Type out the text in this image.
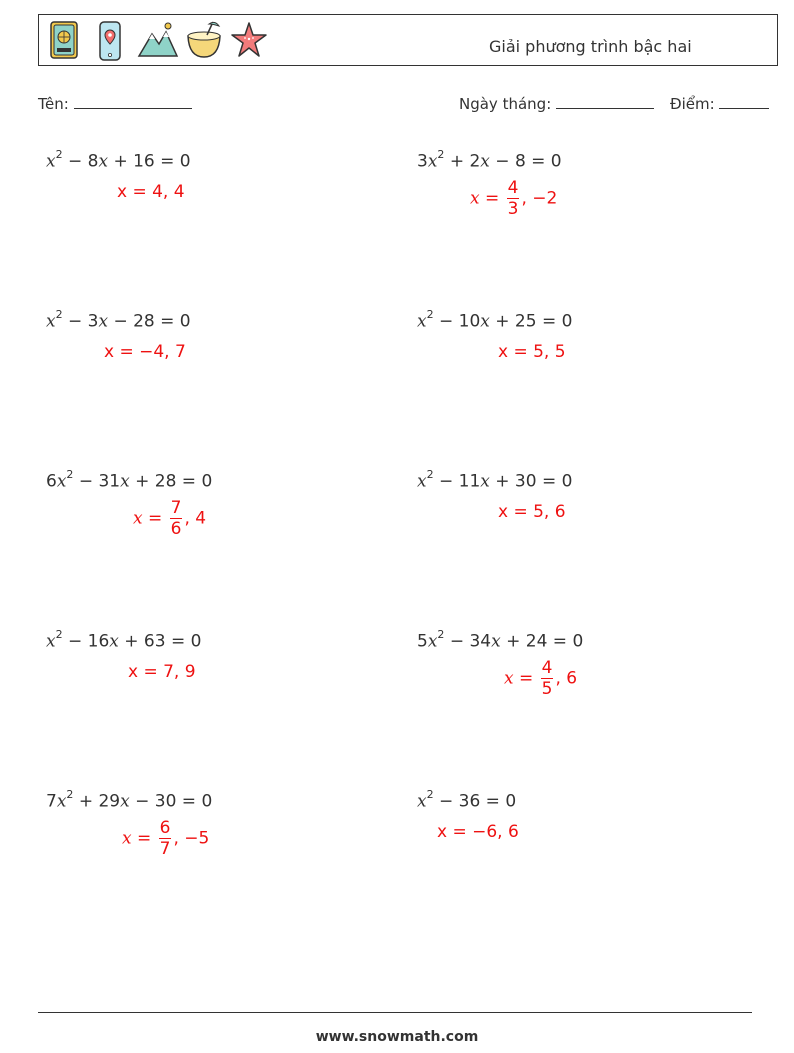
Giải phương trình bậc hai
Tên:	Ngày tháng:	Điểm:
$x^2 - 8x + 16 = 0$
x = 4, 4
$3x^2 + 2x - 8 = 0$
$x = \frac{4}{3}$ , −2
$x^2 - 3x - 28 = 0$
x = −4, 7
$x^2 - 10x + 25 = 0$
x = 5, 5
$6x^2 - 31x + 28 = 0$
$x = \frac{7}{6}$ , 4
$x^2 - 11x + 30 = 0$
x = 5, 6
$x^2 - 16x + 63 = 0$
x = 7, 9
$5x^2 - 34x + 24 = 0$
$x = \frac{4}{5}$ , 6
$7x^2 + 29x - 30 = 0$
$x = \frac{6}{7}$ , −5
$x^2 - 36 = 0$
x = −6, 6
www.snowmath.com
